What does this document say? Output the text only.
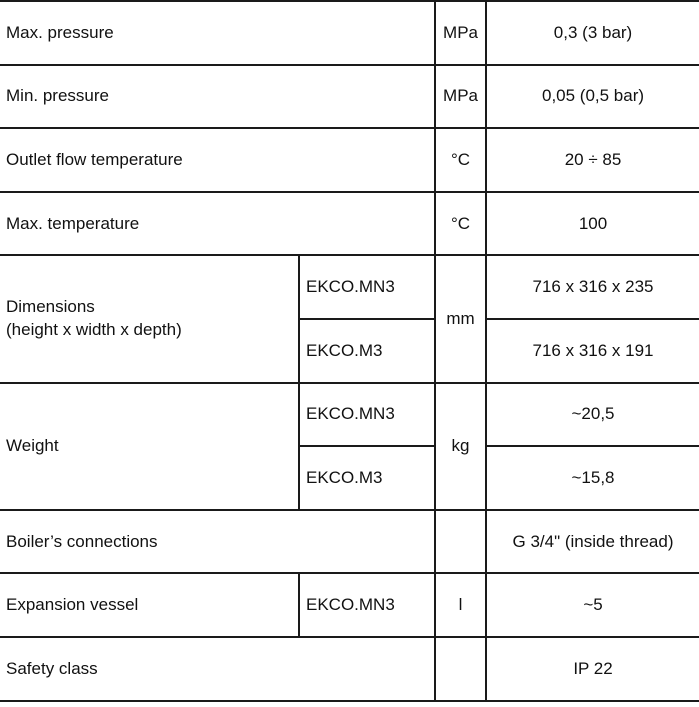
Max. pressure		MPa	0,3 (3 bar)
Min. pressure		MPa	0,05 (0,5 bar)
Outlet flow temperature		°C	20 ÷ 85
Max. temperature		°C	100
Dimensions
(height x width x depth)	EKCO.MN3	mm	716 x 316 x 235
	EKCO.M3		716 x 316 x 191
Weight	EKCO.MN3	kg	~20,5
	EKCO.M3		~15,8
Boiler’s connections			G 3/4" (inside thread)
Expansion vessel	EKCO.MN3	l	~5
Safety class			IP 22
